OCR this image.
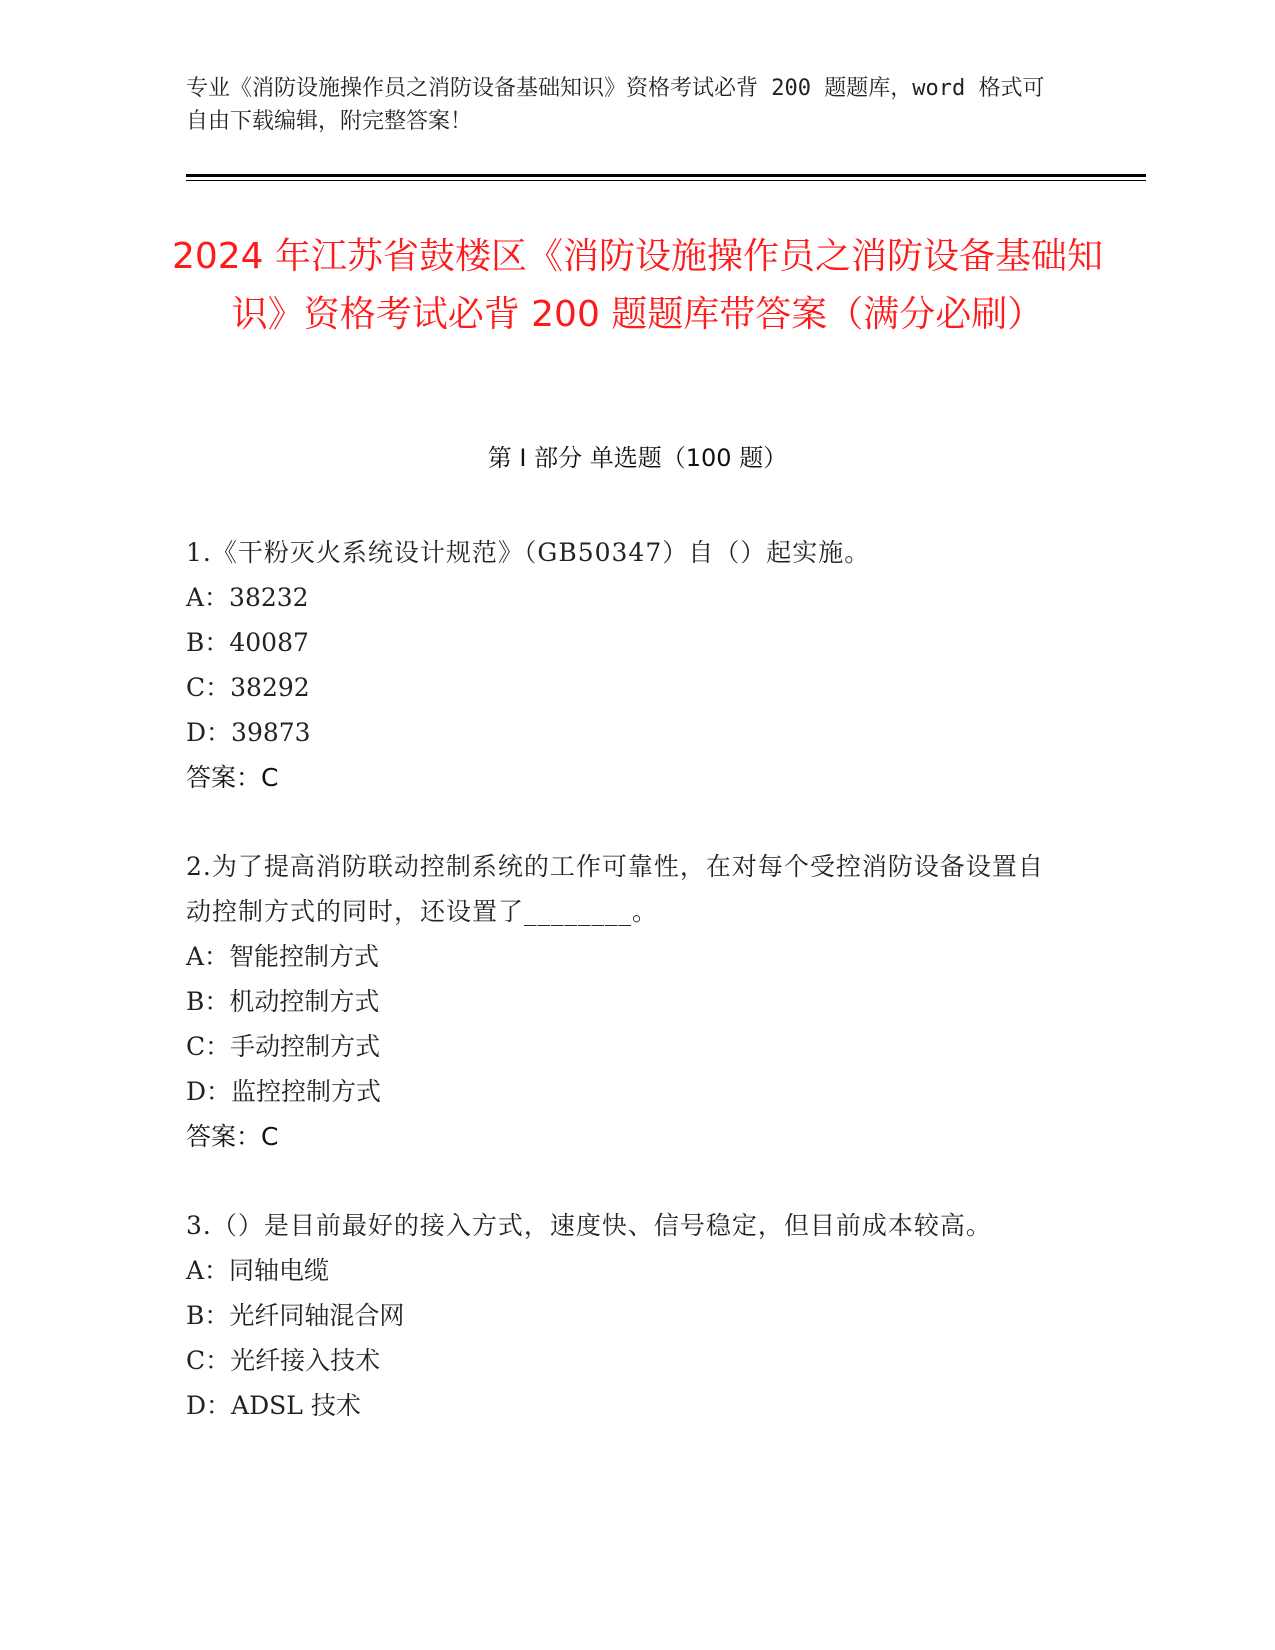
专业《消防设施操作员之消防设备基础知识》资格考试必背 200 题题库，word 格式可自由下载编辑，附完整答案！
2024 年江苏省鼓楼区《消防设施操作员之消防设备基础知识》资格考试必背 200 题题库带答案（满分必刷）
第 I 部分 单选题（100 题）
1.《干粉灭火系统设计规范》（GB50347）自（）起实施。
A：38232
B：40087
C：38292
D：39873
答案：C
2.为了提高消防联动控制系统的工作可靠性，在对每个受控消防设备设置自动控制方式的同时，还设置了________。
A：智能控制方式
B：机动控制方式
C：手动控制方式
D：监控控制方式
答案：C
3.（）是目前最好的接入方式，速度快、信号稳定，但目前成本较高。
A：同轴电缆
B：光纤同轴混合网
C：光纤接入技术
D：ADSL 技术
